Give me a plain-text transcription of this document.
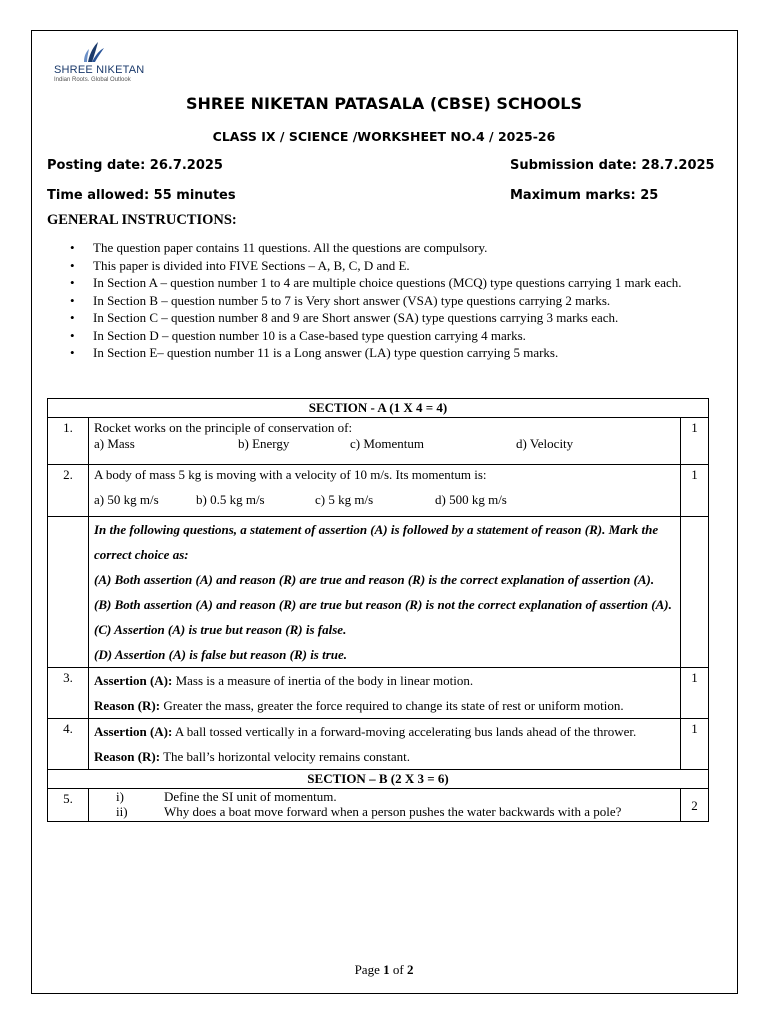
SHREE NIKETAN
Indian Roots. Global Outlook
SHREE NIKETAN PATASALA (CBSE) SCHOOLS
CLASS IX / SCIENCE /WORKSHEET NO.4 / 2025-26
Posting date: 26.7.2025	Submission date: 28.7.2025
Time allowed: 55 minutes	Maximum marks: 25
GENERAL INSTRUCTIONS:
• The question paper contains 11 questions. All the questions are compulsory.
• This paper is divided into FIVE Sections – A, B, C, D and E.
• In Section A – question number 1 to 4 are multiple choice questions (MCQ) type questions carrying 1 mark each.
• In Section B – question number 5 to 7 is Very short answer (VSA) type questions carrying 2 marks.
• In Section C – question number 8 and 9 are Short answer (SA) type questions carrying 3 marks each.
• In Section D – question number 10 is a Case-based type question carrying 4 marks.
• In Section E– question number 11 is a Long answer (LA) type question carrying 5 marks.
SECTION - A (1 X 4 = 4)		
1.	Rocket works on the principle of conservation of:
a) Mass b) Energy c) Momentum d) Velocity	1
2.	A body of mass 5 kg is moving with a velocity of 10 m/s. Its momentum is:
a) 50 kg m/s b) 0.5 kg m/s c) 5 kg m/s d) 500 kg m/s	1

	In the following questions, a statement of assertion (A) is followed by a statement of reason (R). Mark the correct choice as:
(A) Both assertion (A) and reason (R) are true and reason (R) is the correct explanation of assertion (A).
(B) Both assertion (A) and reason (R) are true but reason (R) is not the correct explanation of assertion (A).
(C) Assertion (A) is true but reason (R) is false.
(D) Assertion (A) is false but reason (R) is true.	

3.	Assertion (A): Mass is a measure of inertia of the body in linear motion.
Reason (R): Greater the mass, greater the force required to change its state of rest or uniform motion.	1
4.	Assertion (A): A ball tossed vertically in a forward-moving accelerating bus lands ahead of the thrower.
Reason (R): The ball’s horizontal velocity remains constant.	1
SECTION – B (2 X 3 = 6)		
5.	i) Define the SI unit of momentum.
ii) Why does a boat move forward when a person pushes the water backwards with a pole?	2
Page 1 of 2
